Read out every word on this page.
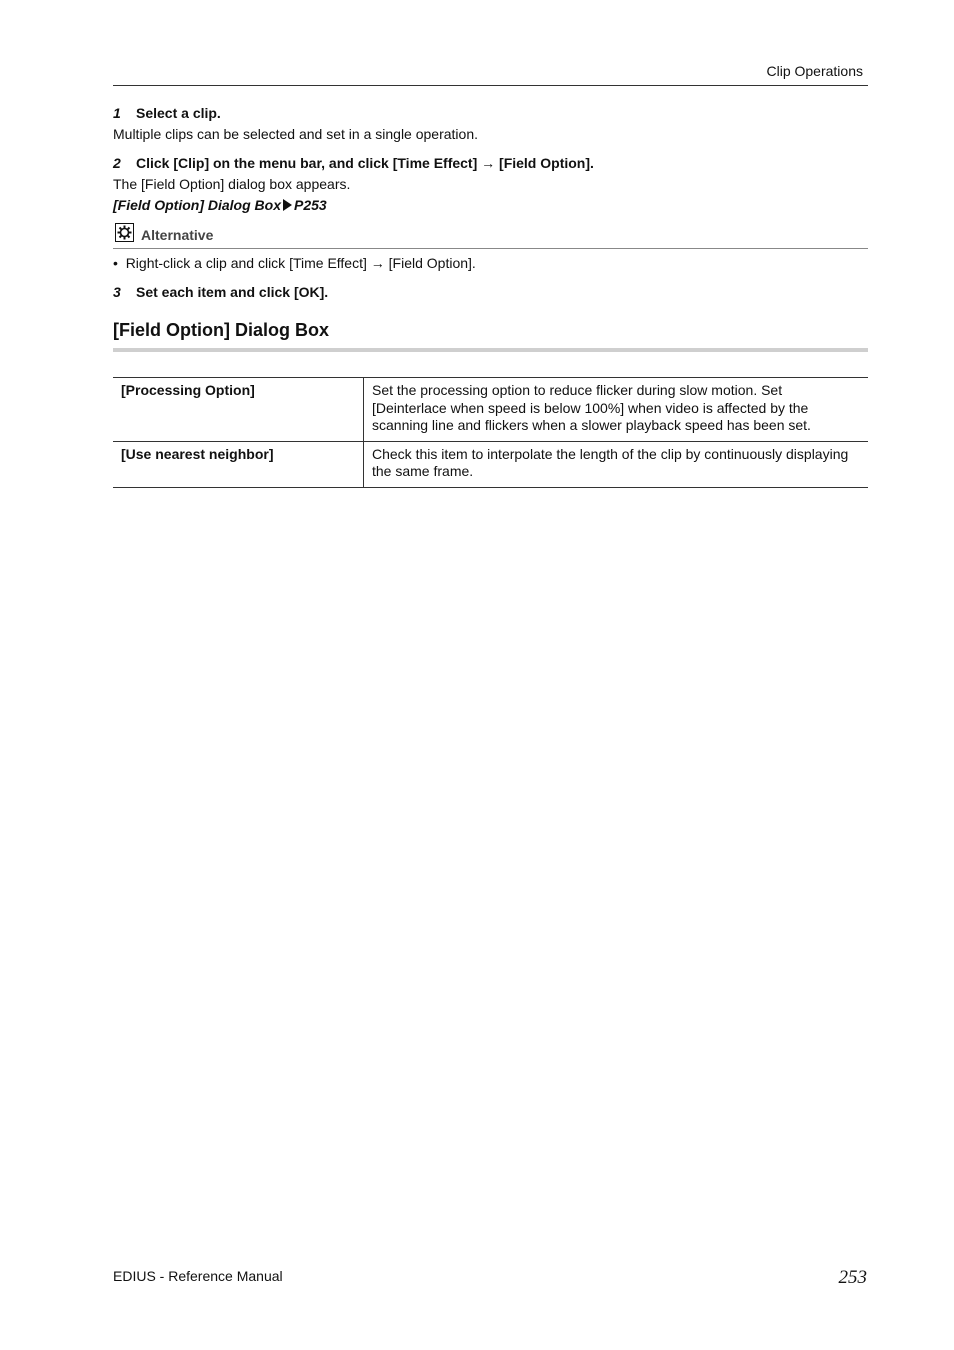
Clip Operations
1 Select a clip.
Multiple clips can be selected and set in a single operation.
2 Click [Clip] on the menu bar, and click [Time Effect] → [Field Option].
The [Field Option] dialog box appears.
[Field Option] Dialog Box P253
Alternative
•  Right-click a clip and click [Time Effect] → [Field Option].
3 Set each item and click [OK].
[Field Option] Dialog Box
[Processing Option]	Set the processing option to reduce flicker during slow motion. Set [Deinterlace when speed is below 100%] when video is affected by the scanning line and flickers when a slower playback speed has been set.
[Use nearest neighbor]	Check this item to interpolate the length of the clip by continuously displaying the same frame.
EDIUS - Reference Manual	253
